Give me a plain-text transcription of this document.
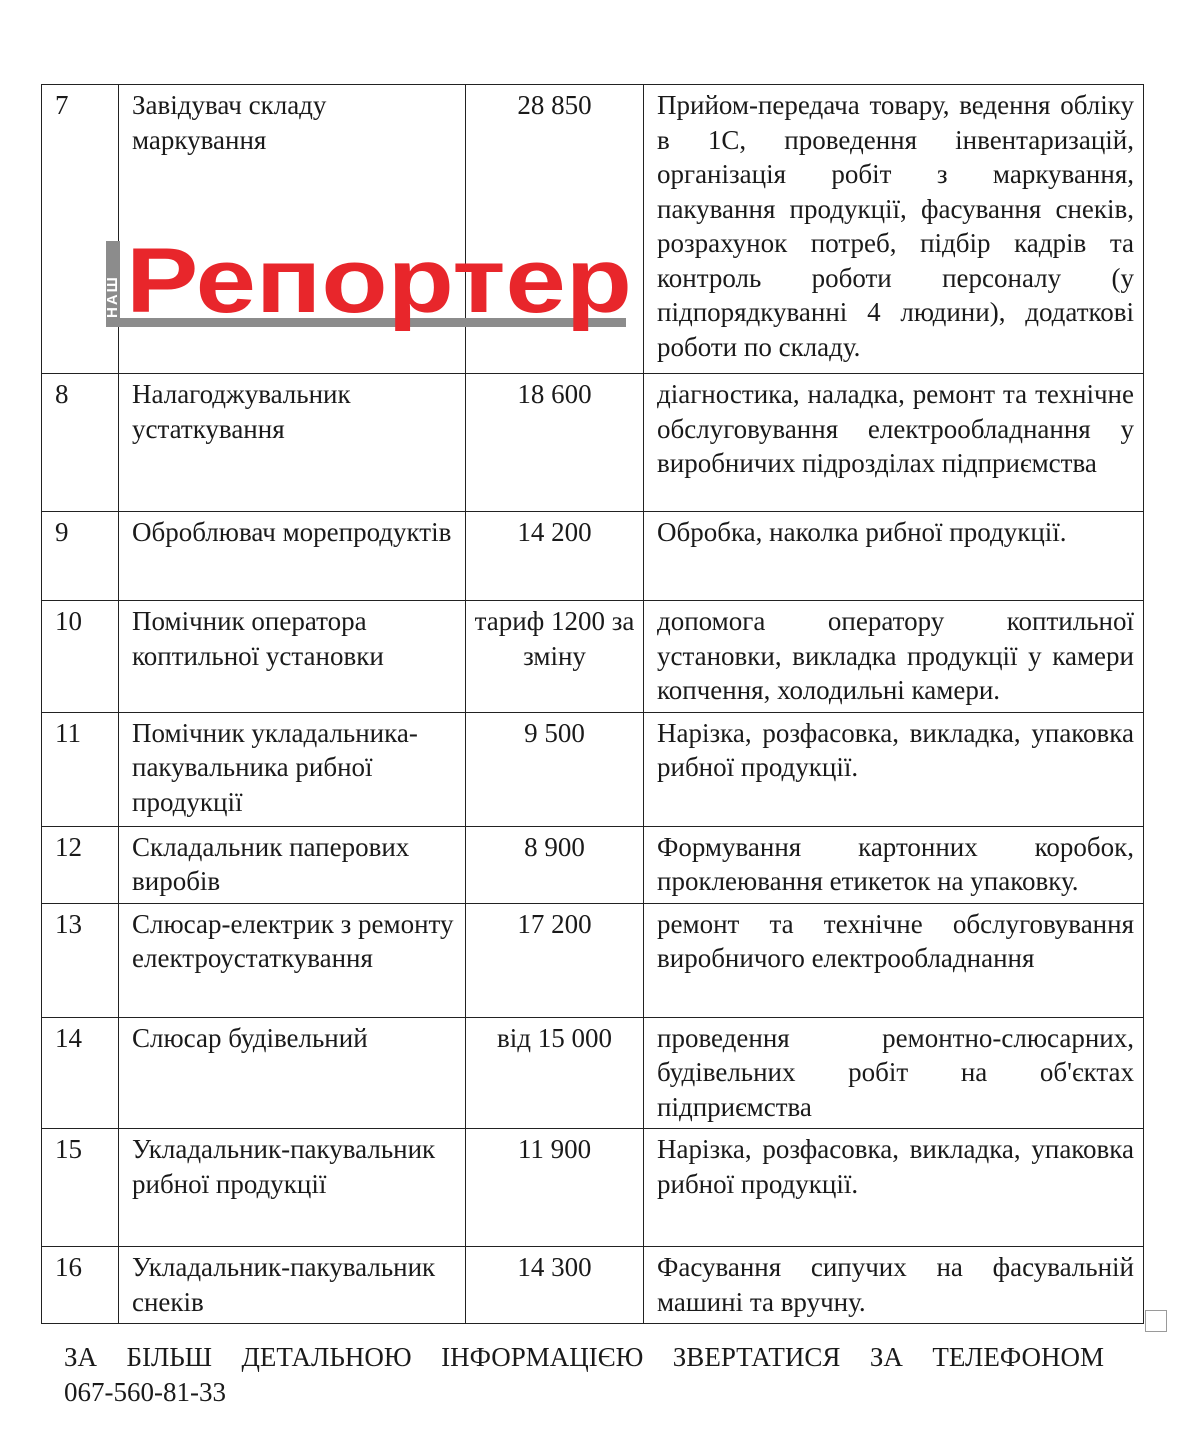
7	Завідувач складу маркування	28 850	Прийом-передача товару, ведення обліку в 1С, проведення інвентаризацій, організація робіт з маркування, пакування продукції, фасування снеків, розрахунок потреб, підбір кадрів та контроль роботи персоналу (у підпорядкуванні 4 людини), додаткові роботи по складу.
8	Налагоджувальник устаткування	18 600	діагностика, наладка, ремонт та технічне обслуговування електрообладнання у виробничих підрозділах підприємства
9	Оброблювач морепродуктів	14 200	Обробка, наколка рибної продукції.
10	Помічник оператора коптильної установки	тариф 1200 за зміну	допомога оператору коптильної установки, викладка продукції у камери копчення, холодильні камери.
11	Помічник укладальника-пакувальника рибної продукції	9 500	Нарізка, розфасовка, викладка, упаковка рибної продукції.
12	Складальник паперових виробів	8 900	Формування картонних коробок, проклеювання етикеток на упаковку.
13	Слюсар-електрик з ремонту електроустаткування	17 200	ремонт та технічне обслуговування виробничого електрообладнання
14	Слюсар будівельний	від 15 000	проведення ремонтно-слюсарних, будівельних робіт на об'єктах підприємства
15	Укладальник-пакувальник рибної продукції	11 900	Нарізка, розфасовка, викладка, упаковка рибної продукції.
16	Укладальник-пакувальник снеків	14 300	Фасування сипучих на фасувальній машині та вручну.
НАШ Репортер
ЗА БІЛЬШ ДЕТАЛЬНОЮ ІНФОРМАЦІЄЮ ЗВЕРТАТИСЯ ЗА ТЕЛЕФОНОМ
067-560-81-33
